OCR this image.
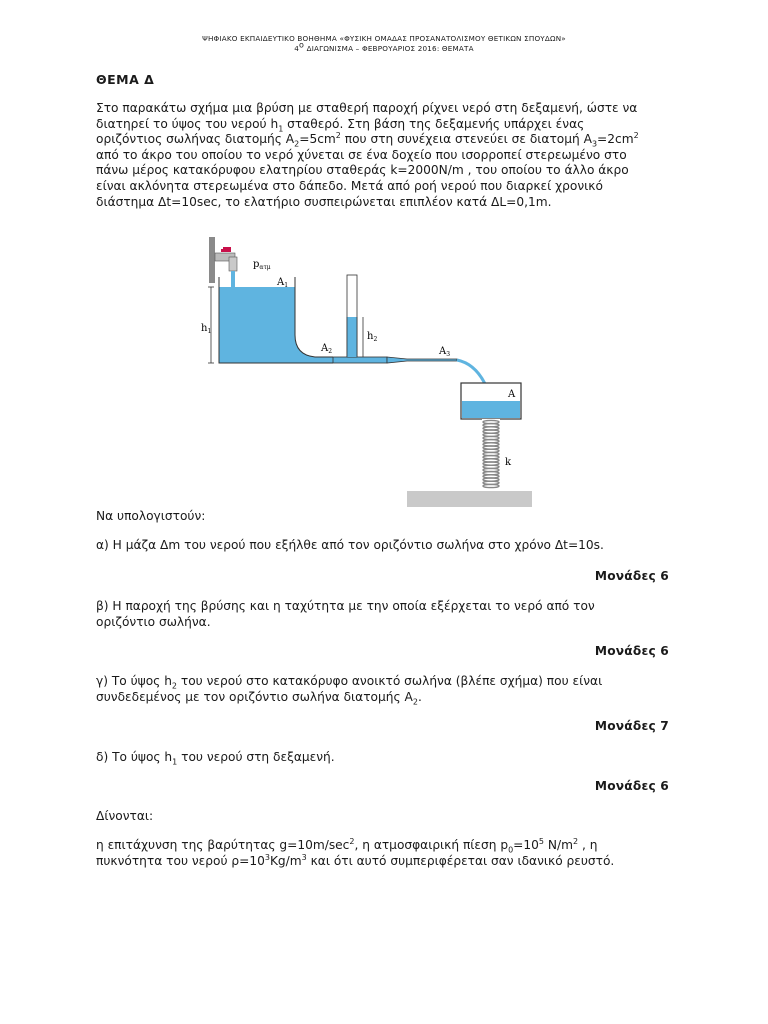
ΨΗΦΙΑΚΟ ΕΚΠΑΙΔΕΥΤΙΚΟ ΒΟΗΘΗΜΑ «ΦΥΣΙΚΗ ΟΜΑΔΑΣ ΠΡΟΣΑΝΑΤΟΛΙΣΜΟΥ ΘΕΤΙΚΩΝ ΣΠΟΥΔΩΝ»
$4^o$ ΔΙΑΓΩΝΙΣΜΑ – ΦΕΒΡΟΥΑΡΙΟΣ 2016: ΘΕΜΑΤΑ
ΘΕΜΑ Δ
Στο παρακάτω σχήμα μια βρύση με σταθερή παροχή ρίχνει νερό στη δεξαμενή, ώστε να
διατηρεί το ύψος του νερού $h_1$ σταθερό. Στη βάση της δεξαμενής υπάρχει ένας
οριζόντιος σωλήνας διατομής $A_2=5cm^2$ που στη συνέχεια στενεύει σε διατομή $A_3=2cm^2$
από το άκρο του οποίου το νερό χύνεται σε ένα δοχείο που ισορροπεί στερεωμένο στο
πάνω μέρος κατακόρυφου ελατηρίου σταθεράς k=2000N/m , του οποίου το άλλο άκρο
είναι ακλόνητα στερεωμένα στο δάπεδο. Μετά από ροή νερού που διαρκεί χρονικό
διάστημα Δt=10sec, το ελατήριο συσπειρώνεται επιπλέον κατά ΔL=0,1m.
$p_{\alpha\tau\mu}$
$A_1$
$h_1$
$A_2$
$h_2$
$A_3$
A
k
Να υπολογιστούν:
α) Η μάζα Δm του νερού που εξήλθε από τον οριζόντιο σωλήνα στο χρόνο Δt=10s.
Μονάδες 6
β) Η παροχή της βρύσης και η ταχύτητα με την οποία εξέρχεται το νερό από τον
οριζόντιο σωλήνα.
Μονάδες 6
γ) Το ύψος $h_2$ του νερού στο κατακόρυφο ανοικτό σωλήνα (βλέπε σχήμα) που είναι
συνδεδεμένος με τον οριζόντιο σωλήνα διατομής $A_2$.
Μονάδες 7
δ) Το ύψος $h_1$ του νερού στη δεξαμενή.
Μονάδες 6
Δίνονται:
η επιτάχυνση της βαρύτητας $g=10m/\sec^2$, η ατμοσφαιρική πίεση $p_0=10^5$ $N/m^2$ , η
πυκνότητα του νερού $\rho=10^3Kg/m^3$ και ότι αυτό συμπεριφέρεται σαν ιδανικό ρευστό.
